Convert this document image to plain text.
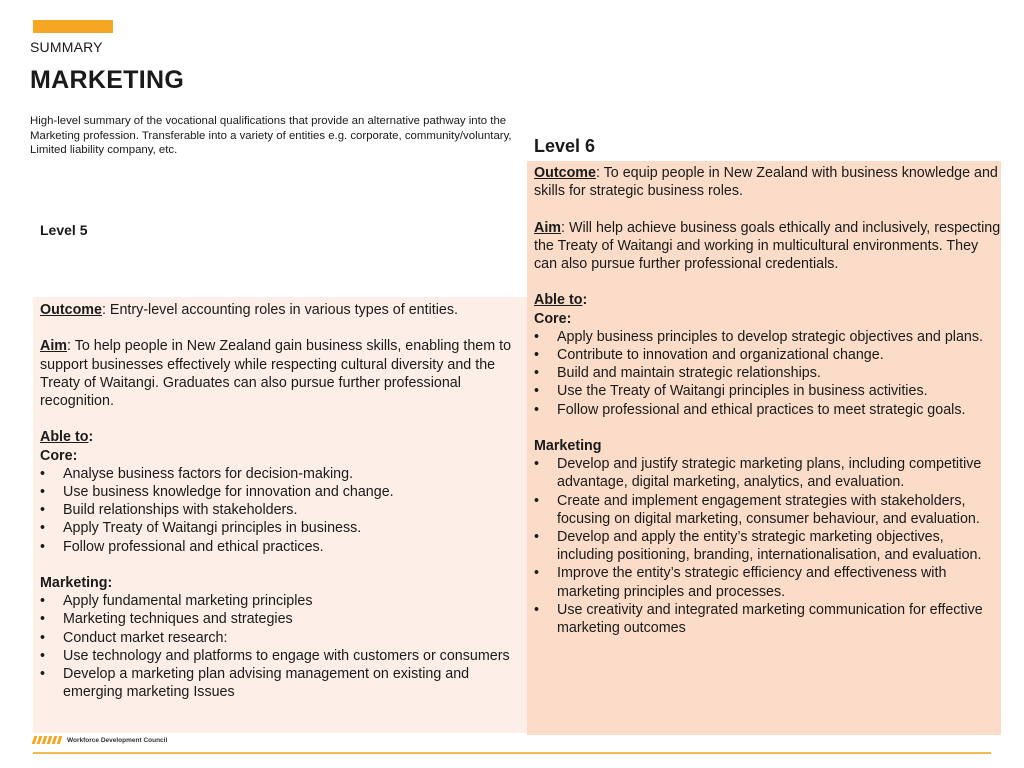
SUMMARY
MARKETING
High-level summary of the vocational qualifications that provide an alternative pathway into the Marketing profession. Transferable into a variety of entities e.g. corporate, community/voluntary, Limited liability company, etc.
Level 5
Level 6

Outcome: Entry-level accounting roles in various types of entities.

Aim: To help people in New Zealand gain business skills, enabling them to support businesses effectively while respecting cultural diversity and the Treaty of Waitangi. Graduates can also pursue further professional recognition.

Able to:

Core:

• Analyse business factors for decision-making.
• Use business knowledge for innovation and change.
• Build relationships with stakeholders.
• Apply Treaty of Waitangi principles in business.
• Follow professional and ethical practices.

Marketing:

• Apply fundamental marketing principles
• Marketing techniques and strategies
• Conduct market research:
• Use technology and platforms to engage with customers or consumers
• Develop a marketing plan advising management on existing and emerging marketing Issues

Outcome: To equip people in New Zealand with business knowledge and skills for strategic business roles.

Aim: Will help achieve business goals ethically and inclusively, respecting the Treaty of Waitangi and working in multicultural environments. They can also pursue further professional credentials.

Able to:

Core:

• Apply business principles to develop strategic objectives and plans.
• Contribute to innovation and organizational change.
• Build and maintain strategic relationships.
• Use the Treaty of Waitangi principles in business activities.
• Follow professional and ethical practices to meet strategic goals.

Marketing

• Develop and justify strategic marketing plans, including competitive advantage, digital marketing, analytics, and evaluation.
• Create and implement engagement strategies with stakeholders, focusing on digital marketing, consumer behaviour, and evaluation.
• Develop and apply the entity’s strategic marketing objectives, including positioning, branding, internationalisation, and evaluation.
• Improve the entity’s strategic efficiency and effectiveness with marketing principles and processes.
• Use creativity and integrated marketing communication for effective marketing outcomes
Workforce Development Council
